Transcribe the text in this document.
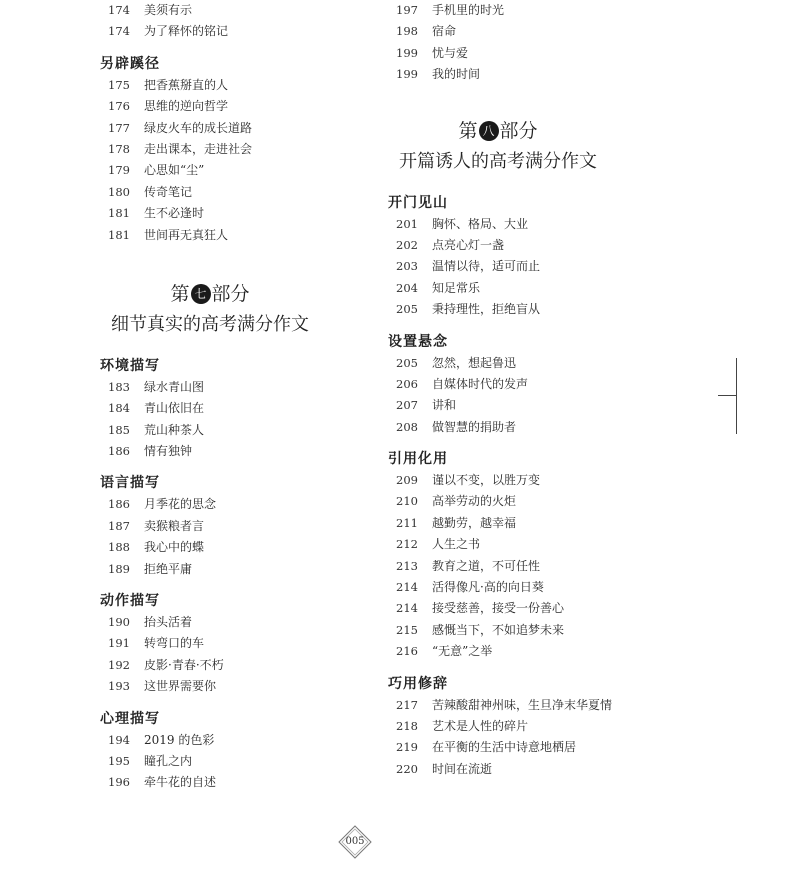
174	美须有示
174	为了释怀的铭记
另辟蹊径
175	把香蕉掰直的人
176	思维的逆向哲学
177	绿皮火车的成长道路
178	走出课本，走进社会
179	心思如“尘”
180	传奇笔记
181	生不必逢时
181	世间再无真狂人
第 七 部分
细节真实的高考满分作文
环境描写
183	绿水青山图
184	青山依旧在
185	荒山种茶人
186	情有独钟
语言描写
186	月季花的思念
187	卖猴粮者言
188	我心中的蝶
189	拒绝平庸
动作描写
190	抬头活着
191	转弯口的车
192	皮影·青春·不朽
193	这世界需要你
心理描写
194	2019 的色彩
195	瞳孔之内
196	牵牛花的自述
197	手机里的时光
198	宿命
199	忧与爱
199	我的时间
第 八 部分
开篇诱人的高考满分作文
开门见山
201	胸怀、格局、大业
202	点亮心灯一盏
203	温情以待，适可而止
204	知足常乐
205	秉持理性，拒绝盲从
设置悬念
205	忽然，想起鲁迅
206	自媒体时代的发声
207	讲和
208	做智慧的捐助者
引用化用
209	谨以不变，以胜万变
210	高举劳动的火炬
211	越勤劳，越幸福
212	人生之书
213	教育之道，不可任性
214	活得像凡·高的向日葵
214	接受慈善，接受一份善心
215	感慨当下，不如追梦未来
216	“无意”之举
巧用修辞
217	苦辣酸甜神州味，生旦净末华夏情
218	艺术是人性的碎片
219	在平衡的生活中诗意地栖居
220	时间在流逝
005
